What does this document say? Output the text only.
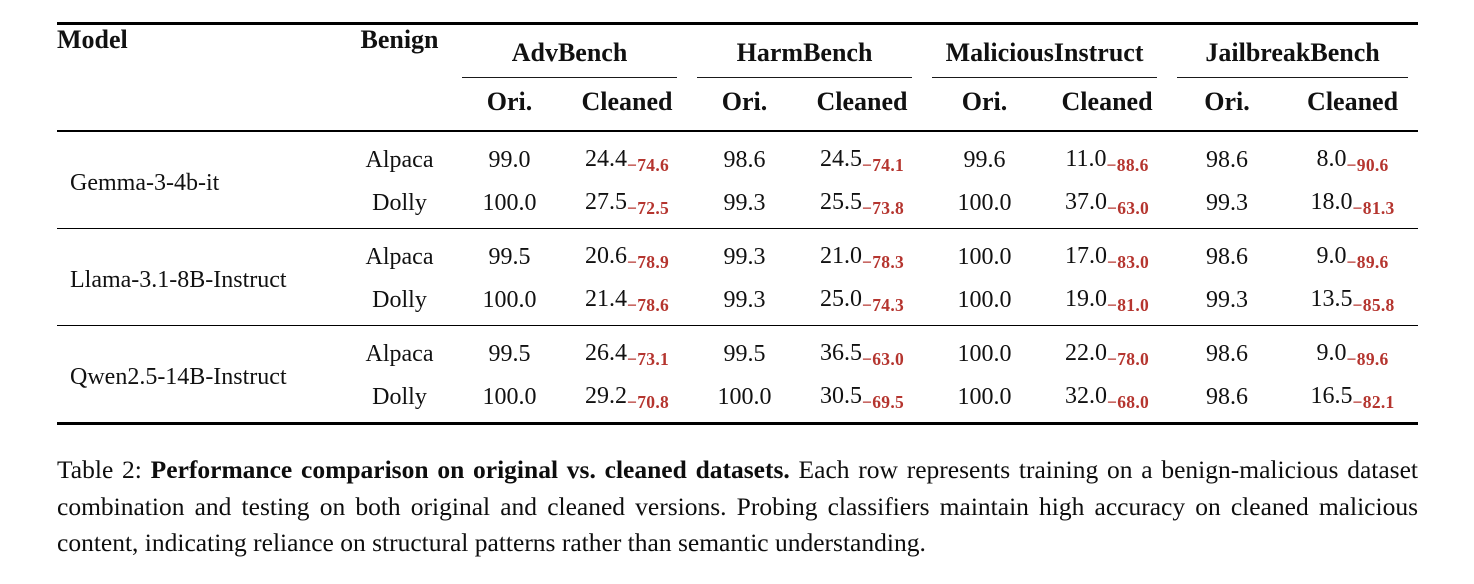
Model	Benign	AdvBench		HarmBench		MaliciousInstruct		JailbreakBench	

		Ori.	Cleaned	Ori.	Cleaned	Ori.	Cleaned	Ori.	Cleaned
Gemma-3-4b-it	Alpaca	99.0	$24.4_{-74.6}$	98.6	$24.5_{-74.1}$	99.6	$11.0_{-88.6}$	98.6	$8.0_{-90.6}$
	Dolly	100.0	$27.5_{-72.5}$	99.3	$25.5_{-73.8}$	100.0	$37.0_{-63.0}$	99.3	$18.0_{-81.3}$
Llama-3.1-8B-Instruct	Alpaca	99.5	$20.6_{-78.9}$	99.3	$21.0_{-78.3}$	100.0	$17.0_{-83.0}$	98.6	$9.0_{-89.6}$
	Dolly	100.0	$21.4_{-78.6}$	99.3	$25.0_{-74.3}$	100.0	$19.0_{-81.0}$	99.3	$13.5_{-85.8}$
Qwen2.5-14B-Instruct	Alpaca	99.5	$26.4_{-73.1}$	99.5	$36.5_{-63.0}$	100.0	$22.0_{-78.0}$	98.6	$9.0_{-89.6}$
	Dolly	100.0	$29.2_{-70.8}$	100.0	$30.5_{-69.5}$	100.0	$32.0_{-68.0}$	98.6	$16.5_{-82.1}$

Table 2: Performance comparison on original vs. cleaned datasets. Each row represents training on a benign-malicious dataset combination and testing on both original and cleaned versions. Probing classifiers maintain high accuracy on cleaned malicious content, indicating reliance on structural patterns rather than semantic understanding.
